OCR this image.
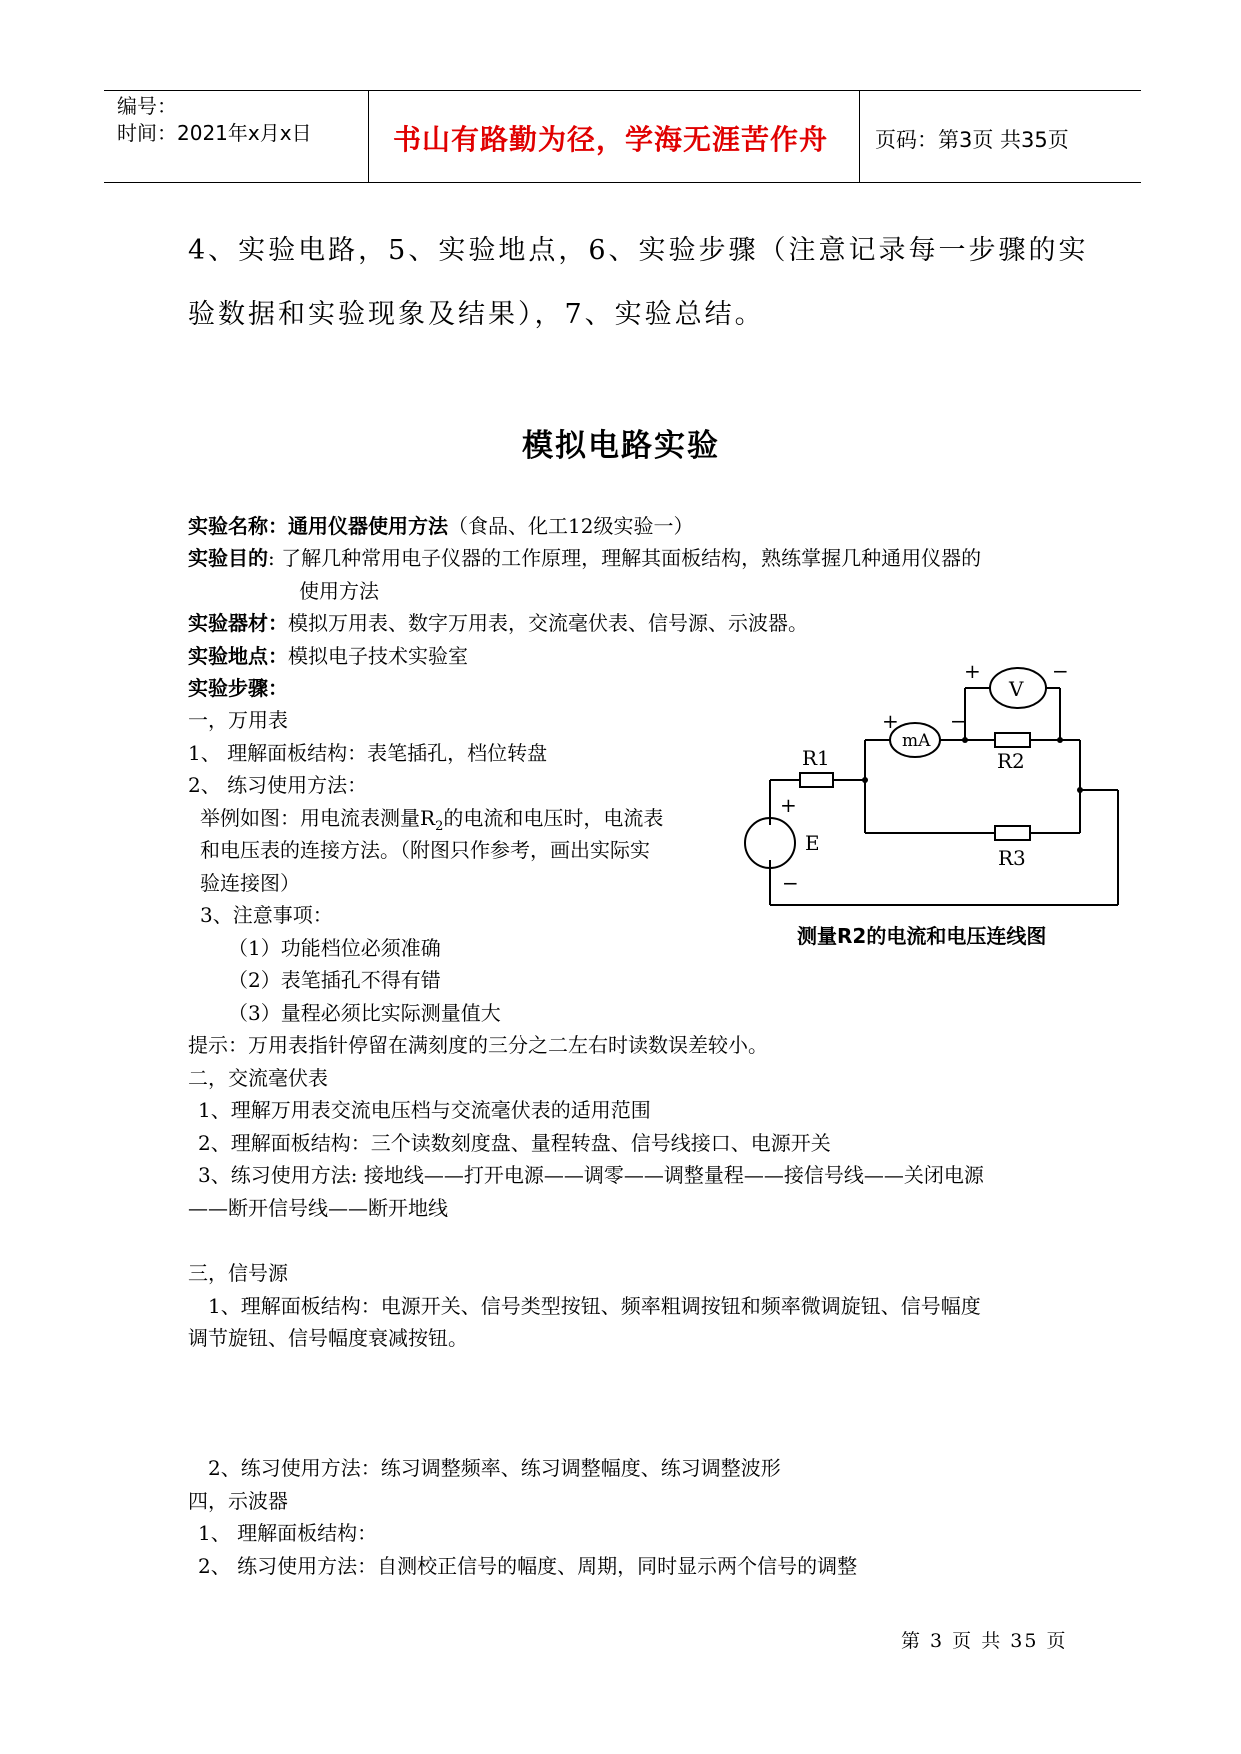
编号：
时间：2021年x月x日	书山有路勤为径，学海无涯苦作舟 页码：第3页 共35页
4、实验电路，5、实验地点，6、实验步骤（注意记录每一步骤的实
验数据和实验现象及结果），7、实验总结。
模拟电路实验
实验名称：通用仪器使用方法（食品、化工12级实验一）
实验目的: 了解几种常用电子仪器的工作原理，理解其面板结构，熟练掌握几种通用仪器的
使用方法
实验器材：模拟万用表、数字万用表，交流毫伏表、信号源、示波器。
实验地点：模拟电子技术实验室
实验步骤：
一，万用表
1、 理解面板结构：表笔插孔，档位转盘
2、 练习使用方法：
举例如图：用电流表测量$R_2$的电流和电压时，电流表
和电压表的连接方法。（附图只作参考，画出实际实
验连接图）
3、注意事项：
（1）功能档位必须准确
（2）表笔插孔不得有错
（3）量程必须比实际测量值大
提示：万用表指针停留在满刻度的三分之二左右时读数误差较小。
R1	R2
R3
mA
V
E
+	−
+	−
+
−
测量R2的电流和电压连线图
二，交流毫伏表
1、理解万用表交流电压档与交流毫伏表的适用范围
2、理解面板结构：三个读数刻度盘、量程转盘、信号线接口、电源开关
3、练习使用方法: 接地线——打开电源——调零——调整量程——接信号线——关闭电源
——断开信号线——断开地线
三，信号源
1、理解面板结构：电源开关、信号类型按钮、频率粗调按钮和频率微调旋钮、信号幅度
调节旋钮、信号幅度衰减按钮。
2、练习使用方法：练习调整频率、练习调整幅度、练习调整波形
四，示波器
1、 理解面板结构：
2、 练习使用方法：自测校正信号的幅度、周期，同时显示两个信号的调整
第 3 页 共 35 页
